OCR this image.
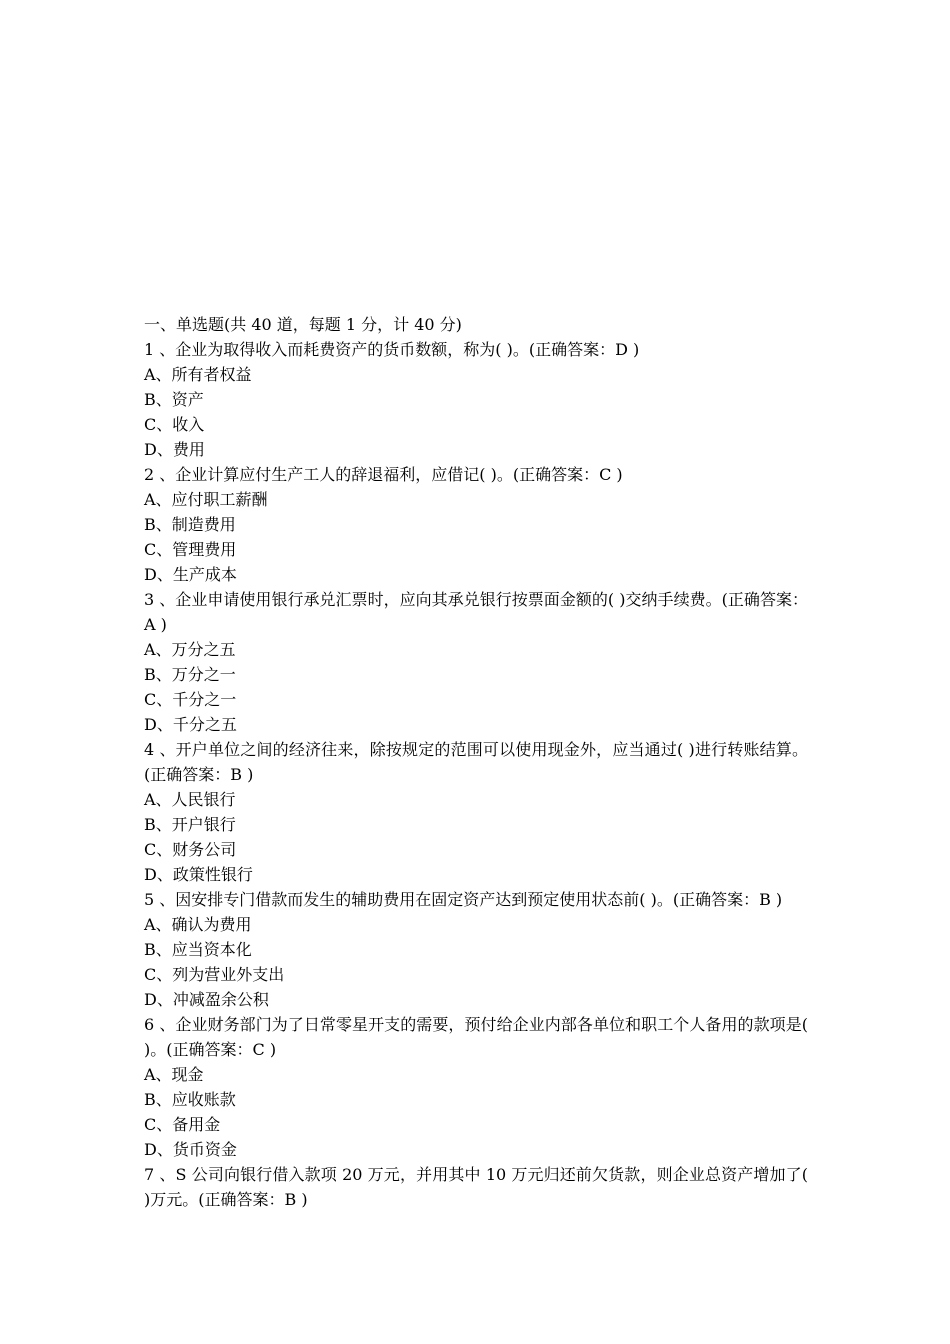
一、单选题(共 40 道，每题 1 分，计 40 分)
1 、企业为取得收入而耗费资产的货币数额，称为( )。(正确答案：D )
A、所有者权益
B、资产
C、收入
D、费用
2 、企业计算应付生产工人的辞退福利，应借记( )。(正确答案：C )
A、应付职工薪酬
B、制造费用
C、管理费用
D、生产成本
3 、企业申请使用银行承兑汇票时，应向其承兑银行按票面金额的( )交纳手续费。(正确答案：A )
A、万分之五
B、万分之一
C、千分之一
D、千分之五
4 、开户单位之间的经济往来，除按规定的范围可以使用现金外，应当通过( )进行转账结算。(正确答案：B )
A、人民银行
B、开户银行
C、财务公司
D、政策性银行
5 、因安排专门借款而发生的辅助费用在固定资产达到预定使用状态前( )。(正确答案：B )
A、确认为费用
B、应当资本化
C、列为营业外支出
D、冲减盈余公积
6 、企业财务部门为了日常零星开支的需要，预付给企业内部各单位和职工个人备用的款项是( )。(正确答案：C )
A、现金
B、应收账款
C、备用金
D、货币资金
7 、S 公司向银行借入款项 20 万元，并用其中 10 万元归还前欠货款，则企业总资产增加了( )万元。(正确答案：B )
